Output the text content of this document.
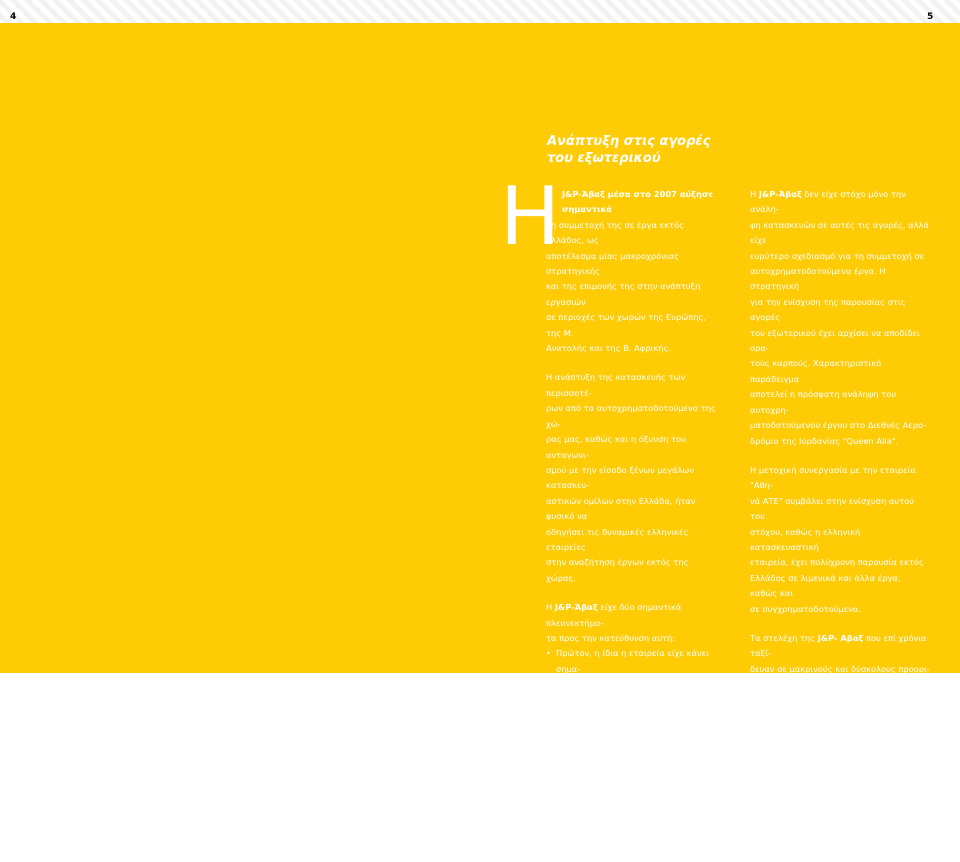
4	5
Ανάπτυξη στις αγορές
του εξωτερικού
Η J&P-Άβαξ μέσα στο 2007 αύξησε σημαντικά
τη συμμετοχή της σε έργα εκτός Ελλάδος, ως
αποτέλεσμα μίας μακροχρόνιας στρατηγικής
και της επιμονής της στην ανάπτυξη εργασιών
σε περιοχές των χωρών της Ευρώπης, της Μ.
Ανατολής και της Β. Αφρικής.
Η ανάπτυξη της κατασκευής των περισσοτέ-
ρων από τα αυτοχρηματοδοτούμενα της χώ-
ρας μας, καθώς και η όξυνση του ανταγωνι-
σμού με την είσοδο ξένων μεγάλων κατασκευ-
αστικών ομίλων στην Ελλάδα, ήταν φυσικό να
οδηγήσει τις δυναμικές ελληνικές εταιρείες
στην αναζήτηση έργων εκτός της χώρας.
Η J&P-Άβαξ είχε δύο σημαντικά πλεονεκτήμα-
τα προς την κατεύθυνση αυτή:
• Πρώτον, η ίδια η εταιρεία είχε κάνει σημα-
ντική επένδυση πριν το 2000 για την ανά-
ληψη έργων εκτός Ελλάδος
• Δεύτερον, η J&P Overseas, που σημαντικός
μέτοχος, είχε αξιοσημείωτη δραστηριότητα
σε αρκετές ενδιαφέρουσες κατασκευαστι-
κές αγορές κυρίως στην περιοχή του Περ-
σικού Κόλπου
Η J&P-Άβαξ δεν είχε στόχο μόνο την ανάλη-
ψη κατασκευών σε αυτές τις αγορές, αλλά είχε
ευρύτερο σχεδιασμό για τη συμμετοχή σε
αυτοχρηματοδοτούμενα έργα. Η στρατηγική
για την ενίσχυση της παρουσίας στις αγορές
του εξωτερικού έχει αρχίσει να αποδίδει ορα-
τούς καρπούς. Χαρακτηριστικό παράδειγμα
αποτελεί η πρόσφατη ανάληψη του αυτοχρη-
ματοδοτούμενου έργου στο Διεθνές Αερο-
δρόμιο της Ιορδανίας "Queen Alia".
Η μετοχική συνεργασία με την εταιρεία "Αθη-
νά ΑΤΕ" συμβάλει στην ενίσχυση αυτού του
στόχου, καθώς η ελληνική κατασκευαστική
εταιρεία, έχει πολύχρονη παρουσία εκτός
Ελλάδος σε λιμενικά και άλλα έργα, καθώς και
σε συγχρηματοδοτούμενα.
Τα στελέχη της J&P- Αβαξ που επί χρόνια ταξί-
δευαν σε μακρινούς και δύσκολους προορι-
σμούς βλέπουν ότι οι κόποι τους δικαιώνο-
νται…
Οι απλοί εργαζόμενοι του ομίλου μας, που
έχουν επιδείξει υψηλό επαγγελματισμό και
έχουν συμμετάσχει σε πολλά από τα πιο σύνθε-
τα και φιλόδοξα κατασκευαστικά έργα, νοιώ-
θουν ότι η ανάπτυξη συνεχίζεται προς όφελος
των ανθρώπων μας.
